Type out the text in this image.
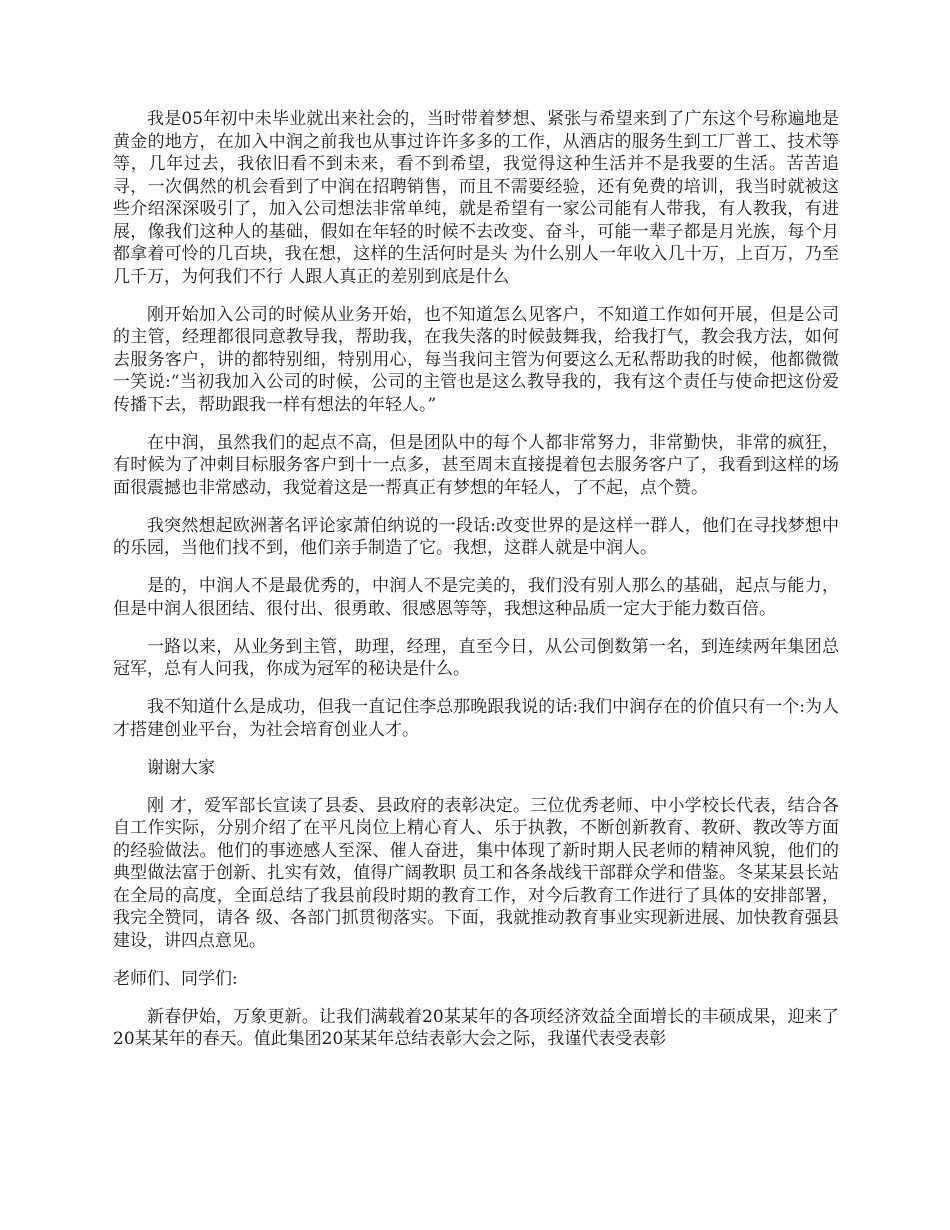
我是05年初中未毕业就出来社会的，当时带着梦想、紧张与希望来到了广东这个号称遍地是黄金的地方，在加入中润之前我也从事过许许多多的工作，从酒店的服务生到工厂普工、技术等等，几年过去，我依旧看不到未来，看不到希望，我觉得这种生活并不是我要的生活。苦苦追寻，一次偶然的机会看到了中润在招聘销售，而且不需要经验，还有免费的培训，我当时就被这些介绍深深吸引了，加入公司想法非常单纯，就是希望有一家公司能有人带我，有人教我，有进展，像我们这种人的基础，假如在年轻的时候不去改变、奋斗，可能一辈子都是月光族，每个月都拿着可怜的几百块，我在想，这样的生活何时是头 为什么别人一年收入几十万，上百万，乃至几千万，为何我们不行 人跟人真正的差别到底是什么

刚开始加入公司的时候从业务开始，也不知道怎么见客户，不知道工作如何开展，但是公司的主管，经理都很同意教导我，帮助我，在我失落的时候鼓舞我，给我打气，教会我方法，如何去服务客户，讲的都特别细，特别用心，每当我问主管为何要这么无私帮助我的时候，他都微微一笑说:“当初我加入公司的时候，公司的主管也是这么教导我的，我有这个责任与使命把这份爱传播下去，帮助跟我一样有想法的年轻人。”

在中润，虽然我们的起点不高，但是团队中的每个人都非常努力，非常勤快，非常的疯狂，有时候为了冲刺目标服务客户到十一点多，甚至周末直接提着包去服务客户了，我看到这样的场面很震撼也非常感动，我觉着这是一帮真正有梦想的年轻人，了不起，点个赞。

我突然想起欧洲著名评论家萧伯纳说的一段话:改变世界的是这样一群人，他们在寻找梦想中的乐园，当他们找不到，他们亲手制造了它。我想，这群人就是中润人。

是的，中润人不是最优秀的，中润人不是完美的，我们没有别人那么的基础，起点与能力，但是中润人很团结、很付出、很勇敢、很感恩等等，我想这种品质一定大于能力数百倍。

一路以来，从业务到主管，助理，经理，直至今日，从公司倒数第一名，到连续两年集团总冠军，总有人问我，你成为冠军的秘诀是什么。

我不知道什么是成功，但我一直记住李总那晚跟我说的话:我们中润存在的价值只有一个:为人才搭建创业平台，为社会培育创业人才。

谢谢大家

刚 才，爱军部长宣读了县委、县政府的表彰决定。三位优秀老师、中小学校长代表，结合各自工作实际，分别介绍了在平凡岗位上精心育人、乐于执教，不断创新教育、教研、教改等方面的经验做法。他们的事迹感人至深、催人奋进，集中体现了新时期人民老师的精神风貌，他们的典型做法富于创新、扎实有效，值得广阔教职 员工和各条战线干部群众学和借鉴。冬某某县长站在全局的高度，全面总结了我县前段时期的教育工作，对今后教育工作进行了具体的安排部署，我完全赞同，请各 级、各部门抓贯彻落实。下面，我就推动教育事业实现新进展、加快教育强县建设，讲四点意见。

老师们、同学们:

新春伊始，万象更新。让我们满载着20某某年的各项经济效益全面增长的丰硕成果，迎来了20某某年的春天。值此集团20某某年总结表彰大会之际，我谨代表受表彰
